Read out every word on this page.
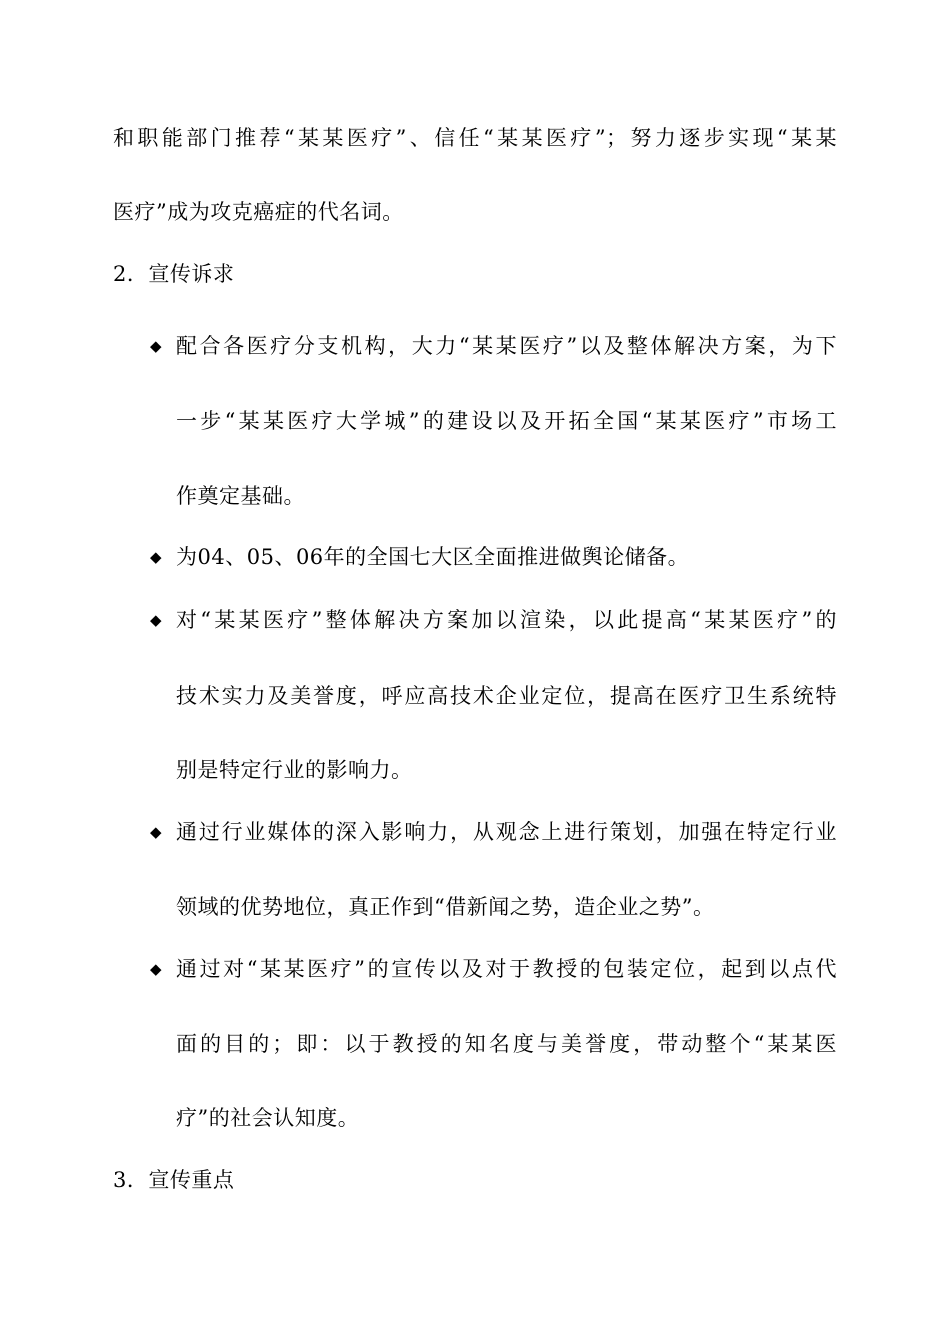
和职能部门推荐“某某医疗”、信任“某某医疗”；努力逐步实现“某某
医疗”成为攻克癌症的代名词。
2．宣传诉求
◆ 配合各医疗分支机构，大力“某某医疗”以及整体解决方案，为下
一步“某某医疗大学城”的建设以及开拓全国“某某医疗”市场工
作奠定基础。
◆ 为04、05、06年的全国七大区全面推进做舆论储备。
◆ 对“某某医疗”整体解决方案加以渲染，以此提高“某某医疗”的
技术实力及美誉度，呼应高技术企业定位，提高在医疗卫生系统特
别是特定行业的影响力。
◆ 通过行业媒体的深入影响力，从观念上进行策划，加强在特定行业
领域的优势地位，真正作到“借新闻之势，造企业之势”。
◆ 通过对“某某医疗”的宣传以及对于教授的包装定位，起到以点代
面的目的；即：以于教授的知名度与美誉度，带动整个“某某医
疗”的社会认知度。
3．宣传重点
